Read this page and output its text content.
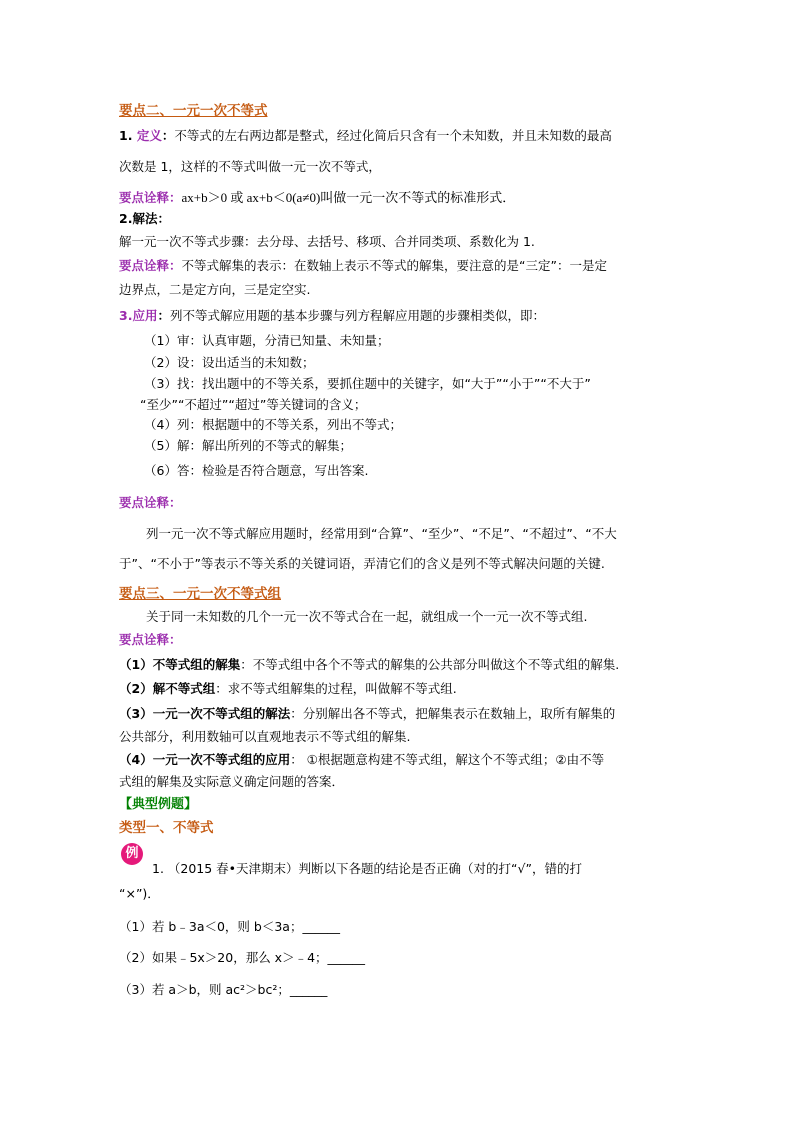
要点二、一元一次不等式
1. 定义：不等式的左右两边都是整式，经过化简后只含有一个未知数，并且未知数的最高
次数是 1，这样的不等式叫做一元一次不等式，
要点诠释：ax+b＞0 或 ax+b＜0(a≠0)叫做一元一次不等式的标准形式．
2.解法：
解一元一次不等式步骤：去分母、去括号、移项、合并同类项、系数化为 1.
要点诠释：不等式解集的表示：在数轴上表示不等式的解集，要注意的是“三定”：一是定
边界点，二是定方向，三是定空实.
3.应用：列不等式解应用题的基本步骤与列方程解应用题的步骤相类似，即：
（1）审：认真审题，分清已知量、未知量；
（2）设：设出适当的未知数；
（3）找：找出题中的不等关系，要抓住题中的关键字，如“大于”“小于”“不大于”
“至少”“不超过”“超过”等关键词的含义；
（4）列：根据题中的不等关系，列出不等式；
（5）解：解出所列的不等式的解集；
（6）答：检验是否符合题意，写出答案.
要点诠释：
列一元一次不等式解应用题时，经常用到“合算”、“至少”、“不足”、“不超过”、“不大
于”、“不小于”等表示不等关系的关键词语，弄清它们的含义是列不等式解决问题的关键.
要点三、一元一次不等式组
关于同一未知数的几个一元一次不等式合在一起，就组成一个一元一次不等式组.
要点诠释：
（1）不等式组的解集：不等式组中各个不等式的解集的公共部分叫做这个不等式组的解集.
（2）解不等式组：求不等式组解集的过程，叫做解不等式组.
（3）一元一次不等式组的解法：分别解出各不等式，把解集表示在数轴上，取所有解集的
公共部分，利用数轴可以直观地表示不等式组的解集.
（4）一元一次不等式组的应用： ①根据题意构建不等式组，解这个不等式组；②由不等
式组的解集及实际意义确定问题的答案．
【典型例题】
类型一、不等式
例
1. （2015 春•天津期末）判断以下各题的结论是否正确（对的打“√”，错的打
“×”)．
（1）若 b﹣3a＜0，则 b＜3a；______
（2）如果﹣5x＞20，那么 x＞﹣4；______
（3）若 a＞b，则 ac²＞bc²；______
